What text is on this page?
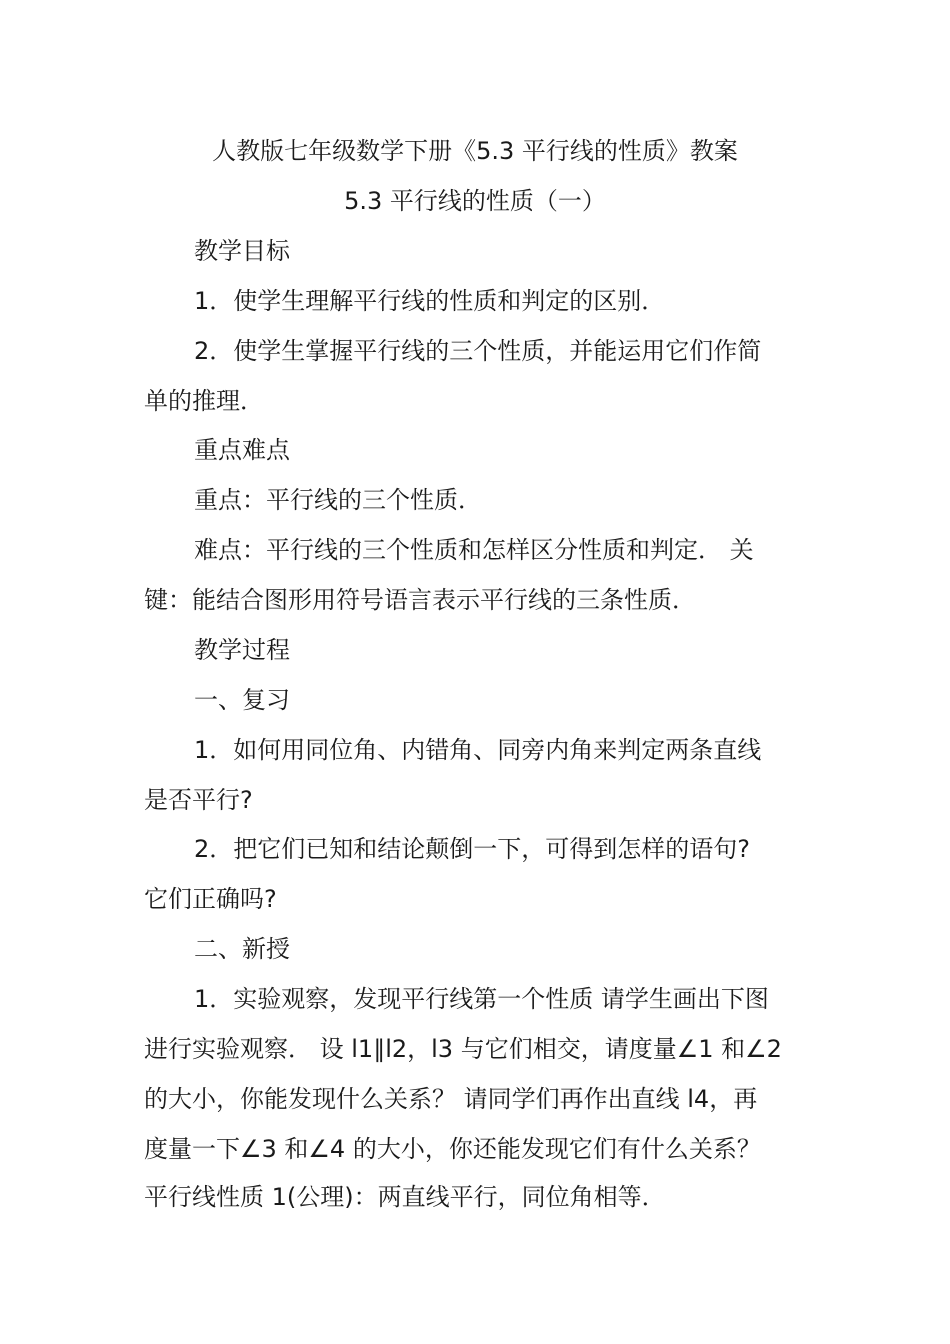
人教版七年级数学下册《5.3 平行线的性质》教案
5.3 平行线的性质（一）
教学目标
1．使学生理解平行线的性质和判定的区别．
2．使学生掌握平行线的三个性质，并能运用它们作简
单的推理．
重点难点
重点：平行线的三个性质．
难点：平行线的三个性质和怎样区分性质和判定． 关
键：能结合图形用符号语言表示平行线的三条性质．
教学过程
一、复习
1．如何用同位角、内错角、同旁内角来判定两条直线
是否平行?
2．把它们已知和结论颠倒一下，可得到怎样的语句?
它们正确吗?
二、新授
1．实验观察，发现平行线第一个性质 请学生画出下图
进行实验观察． 设 l1∥l2，l3 与它们相交，请度量∠1 和∠2
的大小，你能发现什么关系？ 请同学们再作出直线 l4，再
度量一下∠3 和∠4 的大小，你还能发现它们有什么关系？
平行线性质 1(公理)：两直线平行，同位角相等．
